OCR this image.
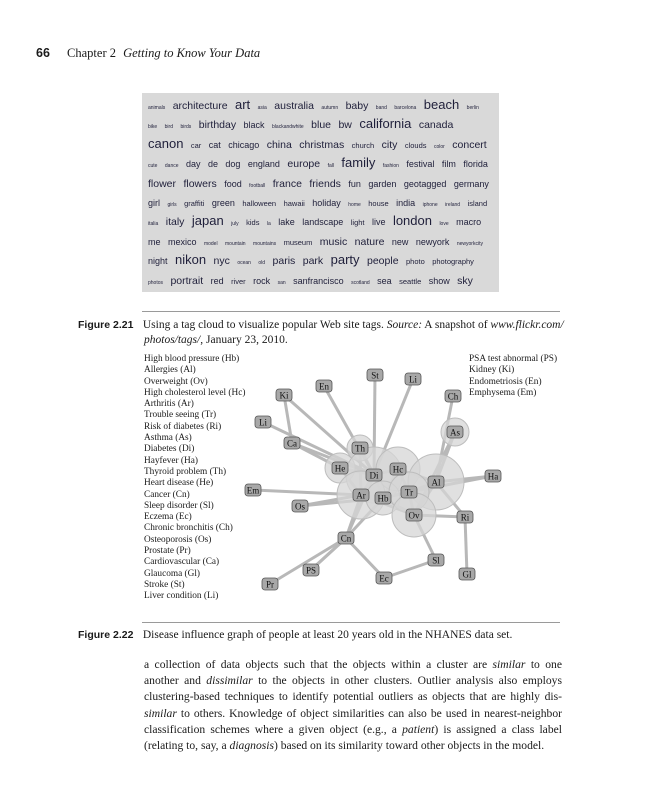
66 Chapter 2 Getting to Know Your Data
animals architecture art asia australia autumn baby band barcelona beach berlin bike bird birds birthday black blackandwhite blue bw california canada canon car cat chicago china christmas church city clouds color concert cute dance day de dog england europe fall family fashion festival film florida flower flowers food football france friends fun garden geotagged germany girl girls graffiti green halloween hawaii holiday home house india iphone ireland island italia italy japan july kids la lake landscape light live london love macro me mexico model mountain mountains museum music nature new newyork newyorkcity night nikon nyc ocean old paris park party people photo photography photos portrait red river rock san sanfrancisco scotland sea seattle show sky
Figure 2.21 Using a tag cloud to visualize popular Web site tags. Source: A snapshot of www.flickr.com/
photos/tags/, January 23, 2010.
High blood pressure (Hb)
Allergies (Al)
Overweight (Ov)
High cholesterol level (Hc)
Arthritis (Ar)
Trouble seeing (Tr)
Risk of diabetes (Ri)
Asthma (As)
Diabetes (Di)
Hayfever (Ha)
Thyroid problem (Th)
Heart disease (He)
Cancer (Cn)
Sleep disorder (Sl)
Eczema (Ec)
Chronic bronchitis (Ch)
Osteoporosis (Os)
Prostate (Pr)
Cardiovascular (Ca)
Glaucoma (Gl)
Stroke (St)
Liver condition (Li)
PSA test abnormal (PS)
Kidney (Ki)
Endometriosis (En)
Emphysema (Em)
St	Li
En
Ki	Ch
Li
As
Ca	Th
He
Di
Hc
Ha
Al
Em	Ar Hb
Tr
Os
Ov	Ri
Cn
Sl
PS
Ec	Gl
Pr
Figure 2.22 Disease influence graph of people at least 20 years old in the NHANES data set.
a collection of data objects such that the objects within a cluster are similar to one
another and dissimilar to the objects in other clusters. Outlier analysis also employs
clustering-based techniques to identify potential outliers as objects that are highly dis-
similar to others. Knowledge of object similarities can also be used in nearest-neighbor
classification schemes where a given object (e.g., a patient) is assigned a class label
(relating to, say, a diagnosis) based on its similarity toward other objects in the model.
